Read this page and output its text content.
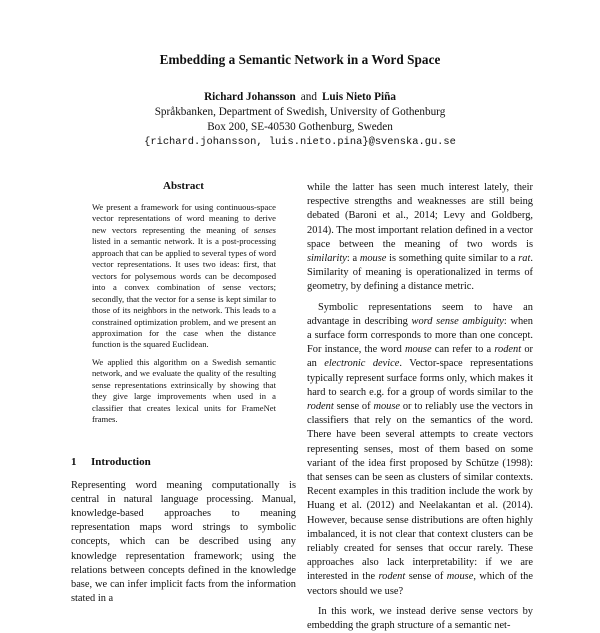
Embedding a Semantic Network in a Word Space
Richard Johansson and Luis Nieto Piña
Språkbanken, Department of Swedish, University of Gothenburg
Box 200, SE-40530 Gothenburg, Sweden
{richard.johansson, luis.nieto.pina}@svenska.gu.se
Abstract

We present a framework for using continuous-space vector representations of word meaning to derive new vectors representing the meaning of senses listed in a semantic network. It is a post-processing approach that can be applied to several types of word vector representations. It uses two ideas: first, that vectors for polysemous words can be decomposed into a convex combination of sense vectors; secondly, that the vector for a sense is kept similar to those of its neighbors in the network. This leads to a constrained optimization problem, and we present an approximation for the case when the distance function is the squared Euclidean.

We applied this algorithm on a Swedish semantic network, and we evaluate the quality of the resulting sense representations extrinsically by showing that they give large improvements when used in a classifier that creates lexical units for FrameNet frames.

1 Introduction

Representing word meaning computationally is central in natural language processing. Manual, knowledge-based approaches to meaning representation maps word strings to symbolic concepts, which can be described using any knowledge representation framework; using the relations between concepts defined in the knowledge base, we can infer implicit facts from the information stated in a

while the latter has seen much interest lately, their respective strengths and weaknesses are still being debated (Baroni et al., 2014; Levy and Goldberg, 2014). The most important relation defined in a vector space between the meaning of two words is similarity: a mouse is something quite similar to a rat. Similarity of meaning is operationalized in terms of geometry, by defining a distance metric.

Symbolic representations seem to have an advantage in describing word sense ambiguity: when a surface form corresponds to more than one concept. For instance, the word mouse can refer to a rodent or an electronic device. Vector-space representations typically represent surface forms only, which makes it hard to search e.g. for a group of words similar to the rodent sense of mouse or to reliably use the vectors in classifiers that rely on the semantics of the word. There have been several attempts to create vectors representing senses, most of them based on some variant of the idea first proposed by Schütze (1998): that senses can be seen as clusters of similar contexts. Recent examples in this tradition include the work by Huang et al. (2012) and Neelakantan et al. (2014). However, because sense distributions are often highly imbalanced, it is not clear that context clusters can be reliably created for senses that occur rarely. These approaches also lack interpretability: if we are interested in the rodent sense of mouse, which of the vectors should we use?

In this work, we instead derive sense vectors by embedding the graph structure of a semantic net-
